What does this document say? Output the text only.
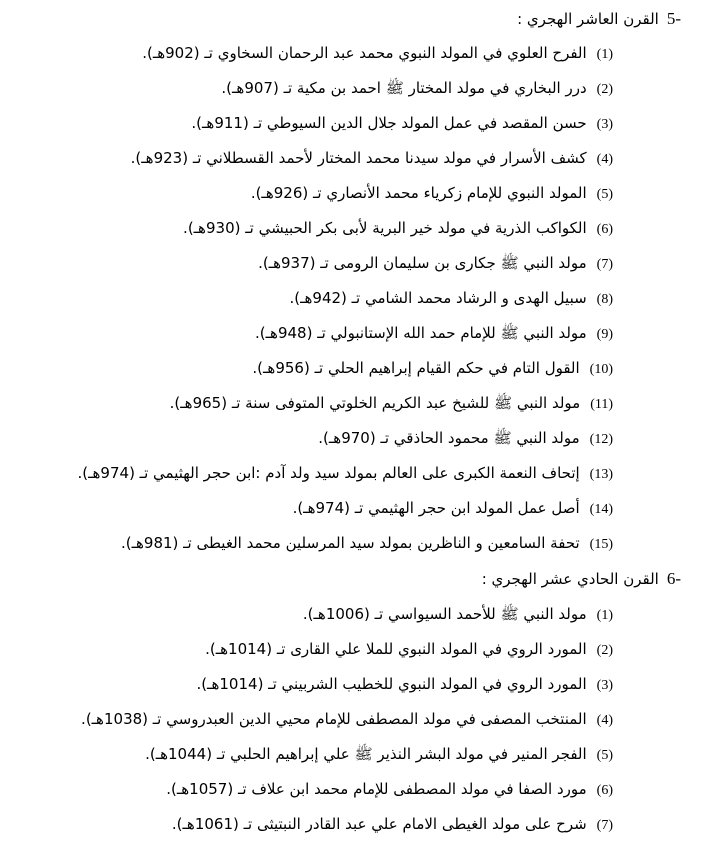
5-القرن العاشر الهجري :
(1)الفرح العلوي في المولد النبوي محمد عبد الرحمان السخاوي تـ (902هـ).
(2)درر البخاري في مولد المختار ﷺ احمد بن مكية تـ (907هـ).
(3)حسن المقصد في عمل المولد جلال الدين السيوطي تـ (911هـ).
(4)كشف الأسرار في مولد سيدنا محمد المختار لأحمد القسطلاني تـ (923هـ).
(5)المولد النبوي للإمام زكرياء محمد الأنصاري تـ (926هـ).
(6)الكواكب الذرية في مولد خير البرية لأبى بكر الحبيشي تـ (930هـ).
(7)مولد النبي ﷺ جكارى بن سليمان الرومى تـ (937هـ).
(8)سبيل الهدى و الرشاد محمد الشامي تـ (942هـ).
(9)مولد النبي ﷺ للإمام حمد الله الإستانبولي تـ (948هـ).
(10)القول التام في حكم القيام إبراهيم الحلي تـ (956هـ).
(11)مولد النبي ﷺ للشيخ عبد الكريم الخلوتي المتوفى سنة تـ (965هـ).
(12)مولد النبي ﷺ محمود الحاذقي تـ (970هـ).
(13)إتحاف النعمة الكبرى على العالم بمولد سيد ولد آدم :ابن حجر الهثيمي تـ (974هـ).
(14)أصل عمل المولد ابن حجر الهثيمي تـ (974هـ).
(15)تحفة السامعين و الناظرين بمولد سيد المرسلين محمد الغيطى تـ (981هـ).
6-القرن الحادي عشر الهجري :
(1)مولد النبي ﷺ للأحمد السيواسي تـ (1006هـ).
(2)المورد الروي في المولد النبوي للملا علي القارى تـ (1014هـ).
(3)المورد الروي في المولد النبوي للخطيب الشربيني تـ (1014هـ).
(4)المنتخب المصفى في مولد المصطفى للإمام محيي الدين العبدروسي تـ (1038هـ).
(5)الفجر المنير في مولد البشر النذير ﷺ علي إبراهيم الحلبي تـ (1044هـ).
(6)مورد الصفا في مولد المصطفى للإمام محمد ابن علاف تـ (1057هـ).
(7)شرح على مولد الغيطى الامام علي عبد القادر النبتيثى تـ (1061هـ).
